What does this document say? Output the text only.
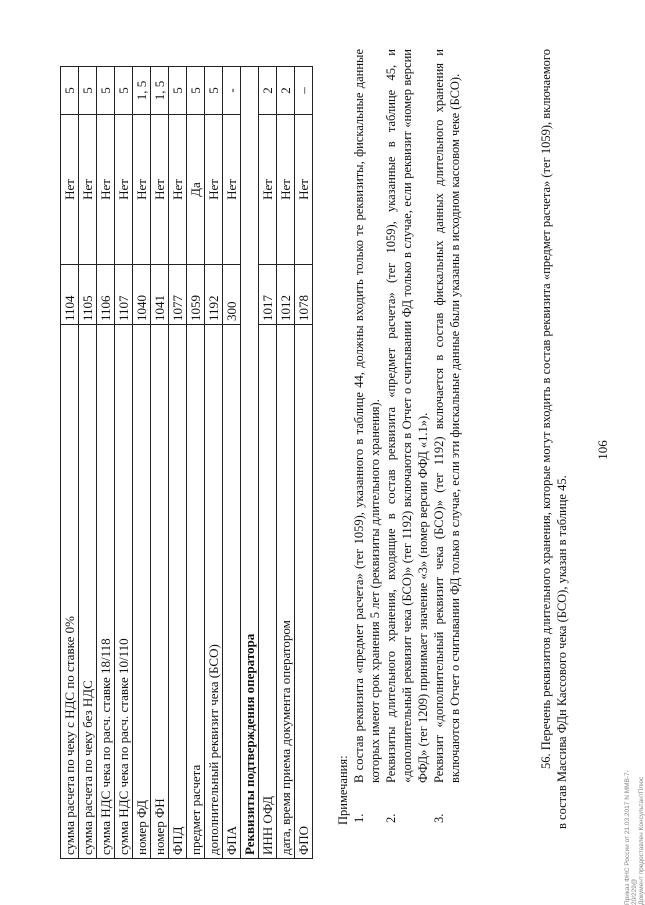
106
сумма расчета по чеку с НДС по ставке 0%	1104	Нет	5
сумма расчета по чеку без НДС	1105	Нет	5
сумма НДС чека по расч. ставке 18/118	1106	Нет	5
сумма НДС чека по расч. ставке 10/110	1107	Нет	5
номер ФД	1040	Нет	1, 5
номер ФН	1041	Нет	1, 5
ФПД	1077	Нет	5
предмет расчета	1059	Да	5
дополнительный реквизит чека (БСО)	1192	Нет	5
ФПА	300	Нет	-
Реквизиты подтверждения оператора			
ИНН ОФД	1017	Нет	2
дата, время приема документа оператором	1012	Нет	2
ФПО	1078	Нет	–
Примечания: 1.
В состав реквизита «предмет расчета» (тег 1059), указанного в таблице 44, должны входить только те реквизиты, фискальные данные которых имеют срок хранения 5 лет (реквизиты длительного хранения).
2.
Реквизиты длительного хранения, входящие в состав реквизита «предмет расчета» (тег 1059), указанные в таблице 45, и «дополнительный реквизит чека (БСО)» (тег 1192) включаются в Отчет о считывании ФД только в случае, если реквизит «номер версии ФФД» (тег 1209) принимает значение «3» (номер версии ФФД «1.1»).
3.
Реквизит «дополнительный реквизит чека (БСО)» (тег 1192) включается в состав фискальных данных длительного хранения и включаются в Отчет о считывании ФД только в случае, если эти фискальные данные были указаны в исходном кассовом чеке (БСО).	56. Перечень реквизитов длительного хранения, которые могут входить в состав реквизита «предмет расчета» (тег 1059), включаемого в состав Массива ФДн Кассового чека (БСО), указан в таблице 45.
Приказ ФНС России от 21.03.2017 N ММВ-7-20/229@ Документ предоставлен КонсультантПлюс
